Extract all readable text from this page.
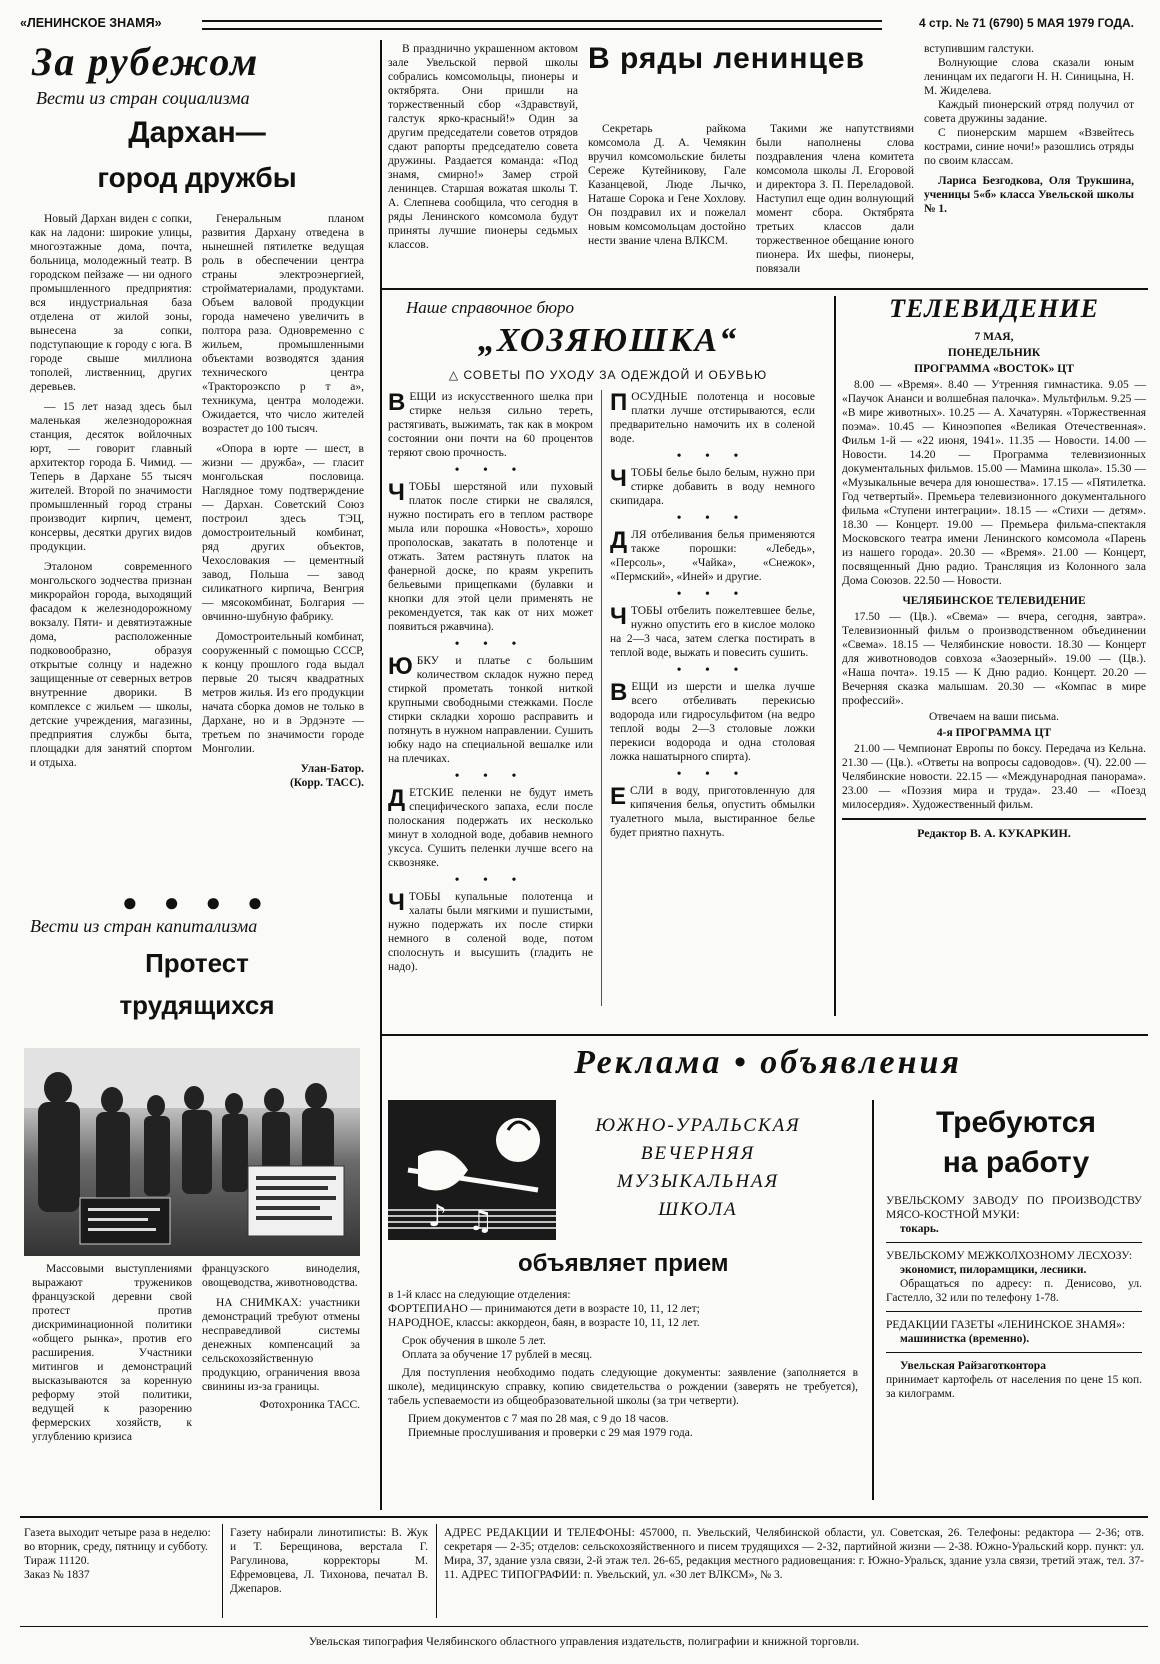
«ЛЕНИНСКОЕ ЗНАМЯ»	4 стр. № 71 (6790) 5 МАЯ 1979 ГОДА.
За рубежом
Вести из стран социализма
Дархан—
город дружбы

Новый Дархан виден с сопки, как на ладони: широкие улицы, многоэтажные дома, почта, больница, молодежный театр. В городском пейзаже — ни одного промышленного предприятия: вся индустриальная база отделена от жилой зоны, вынесена за сопки, подступающие к городу с юга. В городе свыше миллиона тополей, лиственниц, других деревьев.

— 15 лет назад здесь был маленькая железнодорожная станция, десяток войлочных юрт, — говорит главный архитектор города Б. Чимид. — Теперь в Дархане 55 тысяч жителей. Второй по значимости промышленный город страны производит кирпич, цемент, консервы, десятки других видов продукции.

Эталоном современного монгольского зодчества признан микрорайон города, выходящий фасадом к железнодорожному вокзалу. Пяти- и девятиэтажные дома, расположенные подковообразно, образуя открытые солнцу и надежно защищенные от северных ветров внутренние дворики. В комплексе с жильем — школы, детские учреждения, магазины, предприятия службы быта, площадки для занятий спортом и отдыха.

Генеральным планом развития Дархану отведена в нынешней пятилетке ведущая роль в обеспечении центра страны электроэнергией, стройматериалами, продуктами. Объем валовой продукции города намечено увеличить в полтора раза. Одновременно с жильем, промышленными объектами возводятся здания технического центра «Трактороэкспо р т а», техникума, центра молодежи. Ожидается, что число жителей возрастет до 100 тысяч.

«Опора в юрте — шест, в жизни — дружба», — гласит монгольская пословица. Наглядное тому подтверждение — Дархан. Советский Союз построил здесь ТЭЦ, домостроительный комбинат, ряд других объектов, Чехословакия — цементный завод, Польша — завод силикатного кирпича, Венгрия — мясокомбинат, Болгария — овчинно-шубную фабрику.

Домостроительный комбинат, сооруженный с помощью СССР, к концу прошлого года выдал первые 20 тысяч квадратных метров жилья. Из его продукции начата сборка домов не только в Дархане, но и в Эрдэнэте — третьем по значимости городе Монголии.

Улан-Батор.
(Корр. ТАСС).
●●●●
Вести из стран капитализма
Протест
трудящихся
Массовыми выступлениями выражают тружеников французской деревни свой протест против дискриминационной политики «общего рынка», против его расширения. Участники митингов и демонстраций высказываются за коренную реформу этой политики, ведущей к разорению фермерских хозяйств, к углублению кризиса
французского виноделия, овощеводства, животноводства.
НА СНИМКАХ: участники демонстраций требуют отмены несправедливой системы денежных компенсаций за сельскохозяйственную продукцию, ограничения ввоза свинины из-за границы.
Фотохроника ТАСС.
В празднично украшенном актовом зале Увельской первой школы собрались комсомольцы, пионеры и октябрята. Они пришли на торжественный сбор «Здравствуй, галстук ярко-красный!» Один за другим председатели советов отрядов сдают рапорты председателю совета дружины. Раздается команда: «Под знамя, смирно!» Замер строй ленинцев. Старшая вожатая школы Т. А. Слепнева сообщила, что сегодня в ряды Ленинского комсомола будут приняты лучшие пионеры седьмых классов.
В ряды ленинцев
Секретарь райкома комсомола Д. А. Чемякин вручил комсомольские билеты Сереже Кутейникову, Гале Казанцевой, Люде Лычко, Наташе Сорока и Гене Хохлову. Он поздравил их и пожелал новым комсомольцам достойно нести звание члена ВЛКСМ.
Такими же напутствиями были наполнены слова поздравления члена комитета комсомола школы Л. Егоровой и директора З. П. Переладовой. Наступил еще один волнующий момент сбора. Октябрята третьих классов дали торжественное обещание юного пионера. Их шефы, пионеры, повязали
вступившим галстуки.
Волнующие слова сказали юным ленинцам их педагоги Н. Н. Синицына, Н. М. Жиделева.
Каждый пионерский отряд получил от совета дружины задание.
С пионерским маршем «Взвейтесь кострами, синие ночи!» разошлись отряды по своим классам.
Лариса Безгодкова, Оля Трукшина, ученицы 5«б» класса Увельской школы № 1.
Наше справочное бюро
„ХОЗЯЮШКА“
△ СОВЕТЫ ПО УХОДУ ЗА ОДЕЖДОЙ И ОБУВЬЮ
ВЕЩИ из искусственного шелка при стирке нельзя сильно тереть, растягивать, выжимать, так как в мокром состоянии они почти на 60 процентов теряют свою прочность.
• • •
ЧТОБЫ шерстяной или пуховый платок после стирки не свалялся, нужно постирать его в теплом растворе мыла или порошка «Новость», хорошо прополоскав, закатать в полотенце и отжать. Затем растянуть платок на фанерной доске, по краям укрепить бельевыми прищепками (булавки и кнопки для этой цели применять не рекомендуется, так как от них может появиться ржавчина).
• • •
ЮБКУ и платье с большим количеством складок нужно перед стиркой прометать тонкой ниткой крупными свободными стежками. После стирки складки хорошо расправить и потянуть в нужном направлении. Сушить юбку надо на специальной вешалке или на плечиках.
• • •
ДЕТСКИЕ пеленки не будут иметь специфического запаха, если после полоскания подержать их несколько минут в холодной воде, добавив немного уксуса. Сушить пеленки лучше всего на сквозняке.
• • •
ЧТОБЫ купальные полотенца и халаты были мягкими и пушистыми, нужно подержать их после стирки немного в соленой воде, потом сполоснуть и высушить (гладить не надо).
ПОСУДНЫЕ полотенца и носовые платки лучше отстирываются, если предварительно намочить их в соленой воде.
• • •
ЧТОБЫ белье было белым, нужно при стирке добавить в воду немного скипидара.
• • •
ДЛЯ отбеливания белья применяются также порошки: «Лебедь», «Персоль», «Чайка», «Снежок», «Пермский», «Иней» и другие.
• • •
ЧТОБЫ отбелить пожелтевшее белье, нужно опустить его в кислое молоко на 2—3 часа, затем слегка постирать в теплой воде, выжать и повесить сушить.
• • •
ВЕЩИ из шерсти и шелка лучше всего отбеливать перекисью водорода или гидросульфитом (на ведро теплой воды 2—3 столовые ложки перекиси водорода и одна столовая ложка нашатырного спирта).
• • •
ЕСЛИ в воду, приготовленную для кипячения белья, опустить обмылки туалетного мыла, выстиранное белье будет приятно пахнуть.
ТЕЛЕВИДЕНИЕ

7 МАЯ,

ПОНЕДЕЛЬНИК

ПРОГРАММА «ВОСТОК» ЦТ

8.00 — «Время». 8.40 — Утренняя гимнастика. 9.05 — «Паучок Ананси и волшебная палочка». Мультфильм. 9.25 — «В мире животных». 10.25 — А. Хачатурян. «Торжественная поэма». 10.45 — Киноэпопея «Великая Отечественная». Фильм 1-й — «22 июня, 1941». 11.35 — Новости. 14.00 — Новости. 14.20 — Программа телевизионных документальных фильмов. 15.00 — Мамина школа». 15.30 — «Музыкальные вечера для юношества». 17.15 — «Пятилетка. Год четвертый». Премьера телевизионного документального фильма «Ступени интеграции». 18.15 — «Стихи — детям». 18.30 — Концерт. 19.00 — Премьера фильма-спектакля Московского театра имени Ленинского комсомола «Парень из нашего города». 20.30 — «Время». 21.00 — Концерт, посвященный Дню радио. Трансляция из Колонного зала Дома Союзов. 22.50 — Новости.

ЧЕЛЯБИНСКОЕ ТЕЛЕВИДЕНИЕ

17.50 — (Цв.). «Свема» — вчера, сегодня, завтра». Телевизионный фильм о производственном объединении «Свема». 18.15 — Челябинские новости. 18.30 — Концерт для животноводов совхоза «Заозерный». 19.00 — (Цв.). «Наша почта». 19.15 — К Дню радио. Концерт. 20.20 — Вечерняя сказка малышам. 20.30 — «Компас в мире профессий».

Отвечаем на ваши письма.

4-я ПРОГРАММА ЦТ

21.00 — Чемпионат Европы по боксу. Передача из Кельна. 21.30 — (Цв.). «Ответы на вопросы садоводов». (Ч). 22.00 — Челябинские новости. 22.15 — «Международная панорама». 23.00 — «Поэзия мира и труда». 23.40 — «Поезд милосердия». Художественный фильм.

Редактор В. А. КУКАРКИН.
Реклама • объявления
♪ ♫
ЮЖНО-УРАЛЬСКАЯ
ВЕЧЕРНЯЯ
МУЗЫКАЛЬНАЯ
ШКОЛА
объявляет прием
в 1-й класс на следующие отделения:
ФОРТЕПИАНО — принимаются дети в возрасте 10, 11, 12 лет;
НАРОДНОЕ, классы: аккордеон, баян, в возрасте 10, 11, 12 лет.
Срок обучения в школе 5 лет.
Оплата за обучение 17 рублей в месяц.
Для поступления необходимо подать следующие документы: заявление (заполняется в школе), медицинскую справку, копию свидетельства о рождении (заверять не требуется), табель успеваемости из общеобразовательной школы (за три четверти).
Прием документов с 7 мая по 28 мая, с 9 до 18 часов.
Приемные прослушивания и проверки с 29 мая 1979 года.
Требуются
на работу
УВЕЛЬСКОМУ ЗАВОДУ ПО ПРОИЗВОДСТВУ МЯСО-КОСТНОЙ МУКИ:
токарь.
УВЕЛЬСКОМУ МЕЖКОЛХОЗНОМУ ЛЕСХОЗУ:
экономист, пилорамщики, лесники.
Обращаться по адресу: п. Денисово, ул. Гастелло, 32 или по телефону 1-78.
РЕДАКЦИИ ГАЗЕТЫ «ЛЕНИНСКОЕ ЗНАМЯ»:
машинистка (временно).
Увельская Райзаготконтора
принимает картофель от населения по цене 15 коп. за килограмм.
Газета выходит четыре раза в неделю: во вторник, среду, пятницу и субботу.
Тираж 11120.
Заказ № 1837
Газету набирали линотиписты: В. Жук и Т. Берещинова, верстала Г. Рагулинова, корректоры М. Ефремовцева, Л. Тихонова, печатал В. Джепаров.
АДРЕС РЕДАКЦИИ И ТЕЛЕФОНЫ: 457000, п. Увельский, Челябинской области, ул. Советская, 26. Телефоны: редактора — 2-36; отв. секретаря — 2-35; отделов: сельскохозяйственного и писем трудящихся — 2-32, партийной жизни — 2-38. Южно-Уральский корр. пункт: ул. Мира, 37, здание узла связи, 2-й этаж тел. 26-65, редакция местного радиовещания: г. Южно-Уральск, здание узла связи, третий этаж, тел. 37-11. АДРЕС ТИПОГРАФИИ: п. Увельский, ул. «30 лет ВЛКСМ», № 3.
Увельская типография Челябинского областного управления издательств, полиграфии и книжной торговли.
